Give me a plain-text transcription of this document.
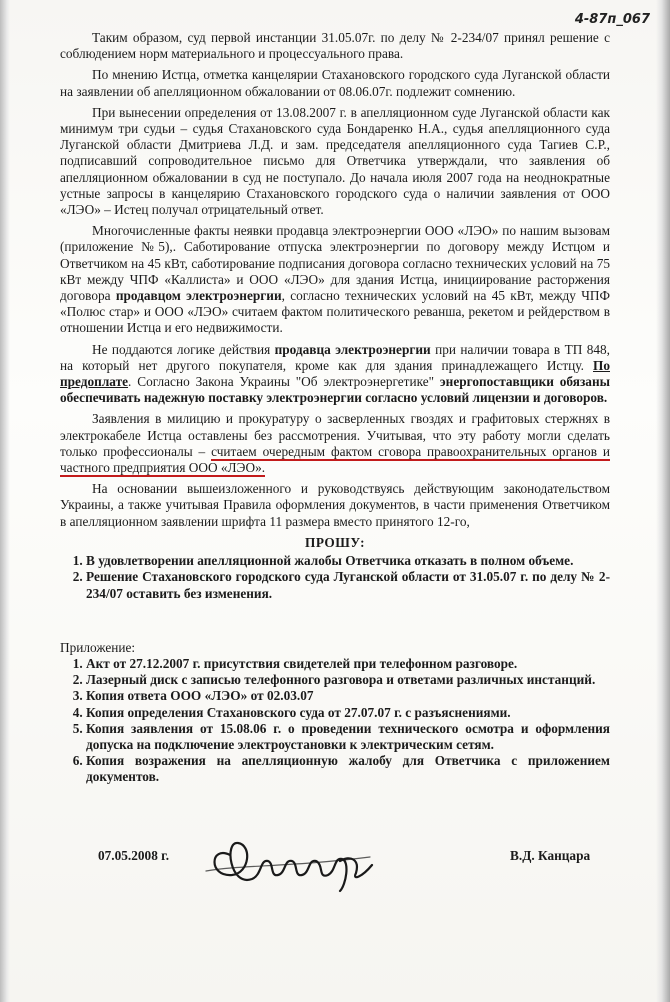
4-87п_067

Таким образом, суд первой инстанции 31.05.07г. по делу № 2-234/07 принял решение с соблюдением норм материального и процессуального права.

По мнению Истца, отметка канцелярии Стахановского городского суда Луганской области на заявлении об апелляционном обжаловании от 08.06.07г. подлежит сомнению.

При вынесении определения от 13.08.2007 г. в апелляционном суде Луганской области как минимум три судьи – судья Стахановского суда Бондаренко Н.А., судья апелляционного суда Луганской области Дмитриева Л.Д. и зам. председателя апелляционного суда Тагиев С.Р., подписавший сопроводительное письмо для Ответчика утверждали, что заявления об апелляционном обжаловании в суд не поступало. До начала июля 2007 года на неоднократные устные запросы в канцелярию Стахановского городского суда о наличии заявления от ООО «ЛЭО» – Истец получал отрицательный ответ.

Многочисленные факты неявки продавца электроэнергии ООО «ЛЭО» по нашим вызовам (приложение №5),. Саботирование отпуска электроэнергии по договору между Истцом и Ответчиком на 45 кВт, саботирование подписания договора согласно технических условий на 75 кВт между ЧПФ «Каллиста» и ООО «ЛЭО» для здания Истца, инициирование расторжения договора продавцом электроэнергии, согласно технических условий на 45 кВт, между ЧПФ «Полюс стар» и ООО «ЛЭО» считаем фактом политического реванша, рекетом и рейдерством в отношении Истца и его недвижимости.

Не поддаются логике действия продавца электроэнергии при наличии товара в ТП 848, на который нет другого покупателя, кроме как для здания принадлежащего Истцу. По предоплате. Согласно Закона Украины "Об электроэнергетике" энергопоставщики обязаны обеспечивать надежную поставку электроэнергии согласно условий лицензии и договоров.

Заявления в милицию и прокуратуру о засверленных гвоздях и графитовых стержнях в электрокабеле Истца оставлены без рассмотрения. Учитывая, что эту работу могли сделать только профессионалы – считаем очередным фактом сговора правоохранительных органов и частного предприятия ООО «ЛЭО».

На основании вышеизложенного и руководствуясь действующим законодательством Украины, а также учитывая Правила оформления документов, в части применения Ответчиком в апелляционном заявлении шрифта 11 размера вместо принятого 12-го,

ПРОШУ:
1. В удовлетворении апелляционной жалобы Ответчика отказать в полном объеме.
2. Решение Стахановского городского суда Луганской области от 31.05.07 г. по делу № 2-234/07 оставить без изменения.
Приложение:
1. Акт от 27.12.2007 г. присутствия свидетелей при телефонном разговоре.
2. Лазерный диск с записью телефонного разговора и ответами различных инстанций.
3. Копия ответа ООО «ЛЭО» от 02.03.07
4. Копия определения Стахановского суда от 27.07.07 г. с разъяснениями.
5. Копия заявления от 15.08.06 г. о проведении технического осмотра и оформления допуска на подключение электроустановки к электрическим сетям.
6. Копия возражения на апелляционную жалобу для Ответчика с приложением документов.
07.05.2008 г.	В.Д. Канцара
